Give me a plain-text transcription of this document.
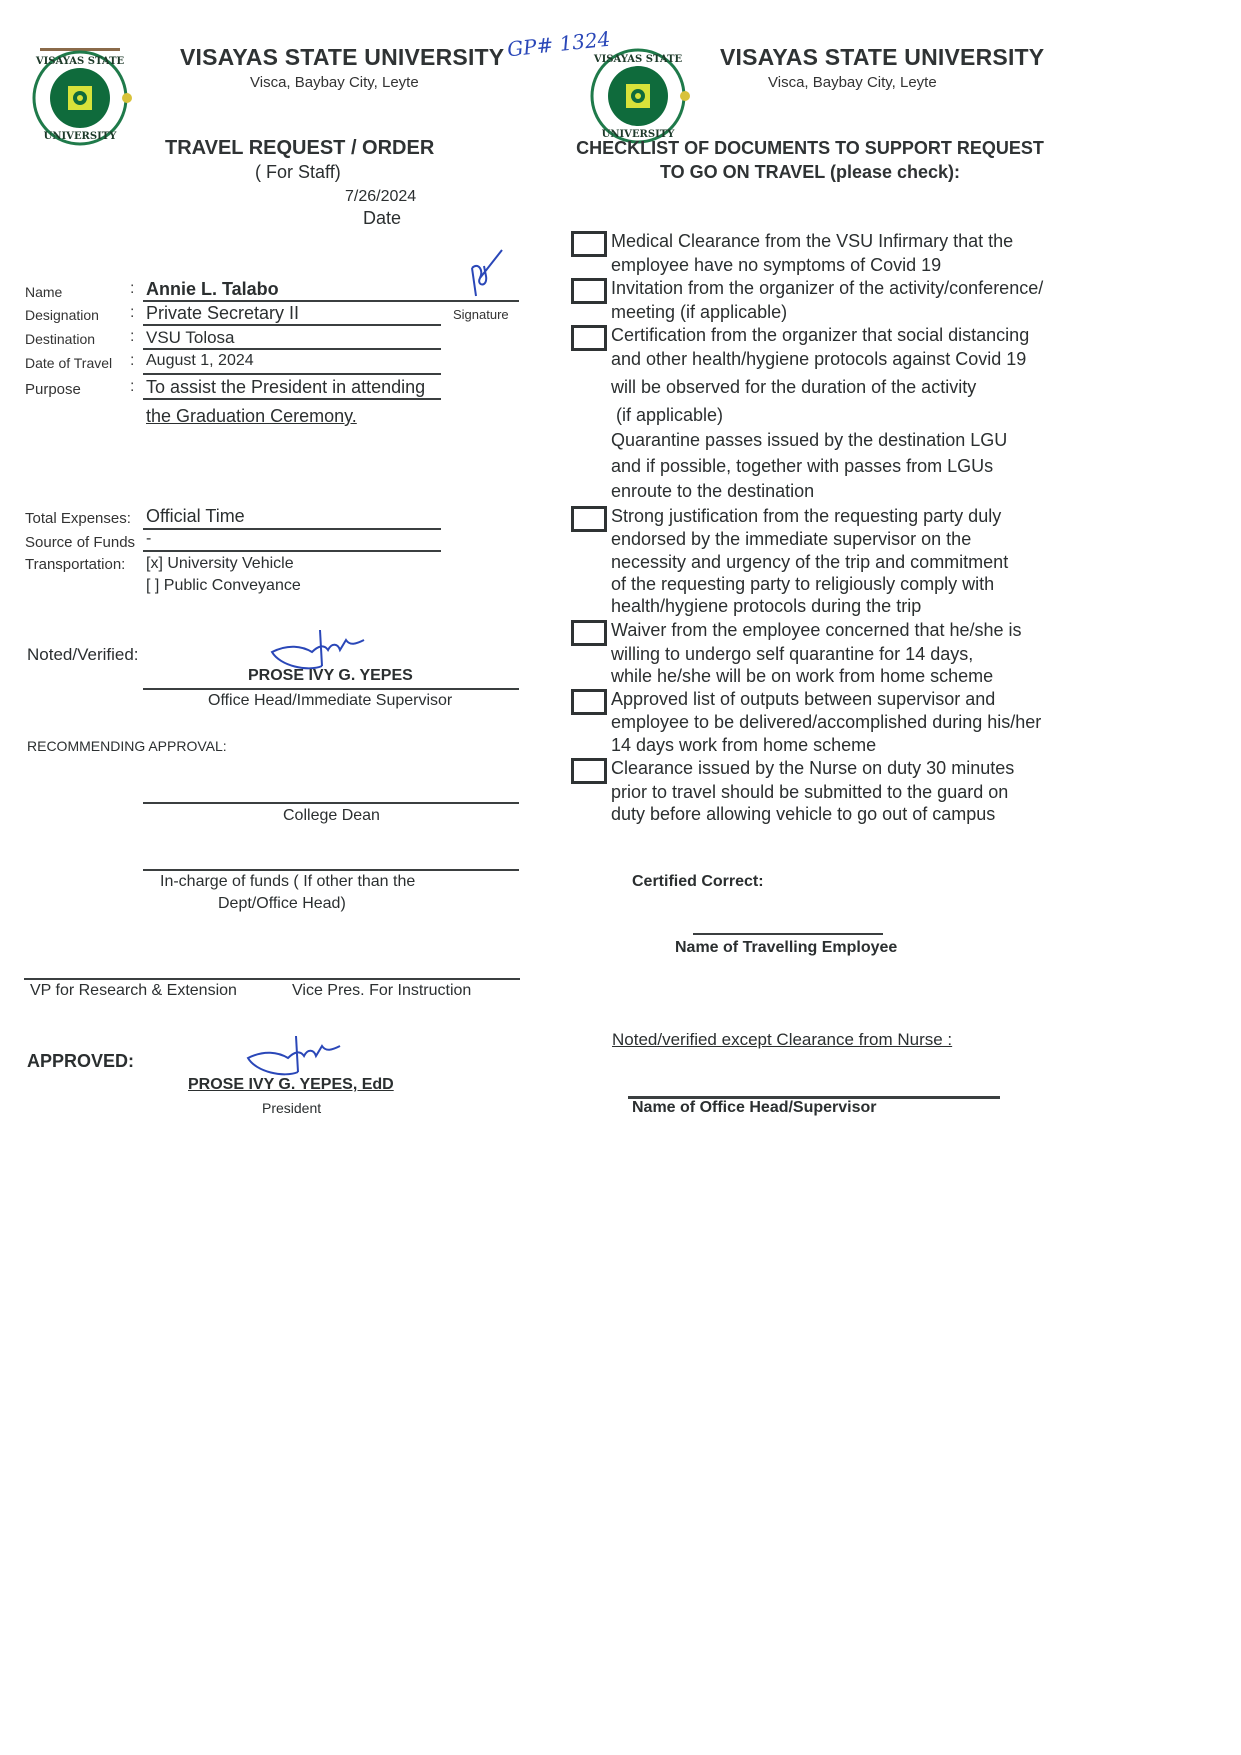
VISAYAS STATE
UNIVERSITY
VISAYAS STATE UNIVERSITY
Visca, Baybay City, Leyte
GP# 1324
VISAYAS STATE
UNIVERSITY
VISAYAS STATE UNIVERSITY
Visca, Baybay City, Leyte
TRAVEL REQUEST / ORDER
( For Staff)
7/26/2024
Date
Name	: Annie L. Talabo
Signature
Designation : Private Secretary II
Destination : VSU Tolosa
Date of Travel : August 1, 2024
Purpose	: To assist the President in attending
the Graduation Ceremony.
Total Expenses: Official Time
Source of Funds -
Transportation: [x] University Vehicle
[ ] Public Conveyance
Noted/Verified:
PROSE IVY G. YEPES
Office Head/Immediate Supervisor
RECOMMENDING APPROVAL:
College Dean
In-charge of funds ( If other than the
Dept/Office Head)
VP for Research & Extension	Vice Pres. For Instruction
APPROVED:
PROSE IVY G. YEPES, EdD
President
CHECKLIST OF DOCUMENTS TO SUPPORT REQUEST
TO GO ON TRAVEL (please check):
Medical Clearance from the VSU Infirmary that the
employee have no symptoms of Covid 19
Invitation from the organizer of the activity/conference/
meeting (if applicable)
Certification from the organizer that social distancing
and other health/hygiene protocols against Covid 19
will be observed for the duration of the activity
(if applicable)
Quarantine passes issued by the destination LGU
and if possible, together with passes from LGUs
enroute to the destination
Strong justification from the requesting party duly
endorsed by the immediate supervisor on the
necessity and urgency of the trip and commitment
of the requesting party to religiously comply with
health/hygiene protocols during the trip
Waiver from the employee concerned that he/she is
willing to undergo self quarantine for 14 days,
while he/she will be on work from home scheme
Approved list of outputs between supervisor and
employee to be delivered/accomplished during his/her
14 days work from home scheme
Clearance issued by the Nurse on duty 30 minutes
prior to travel should be submitted to the guard on
duty before allowing vehicle to go out of campus
Certified Correct:
Name of Travelling Employee
Noted/verified except Clearance from Nurse :
Name of Office Head/Supervisor
